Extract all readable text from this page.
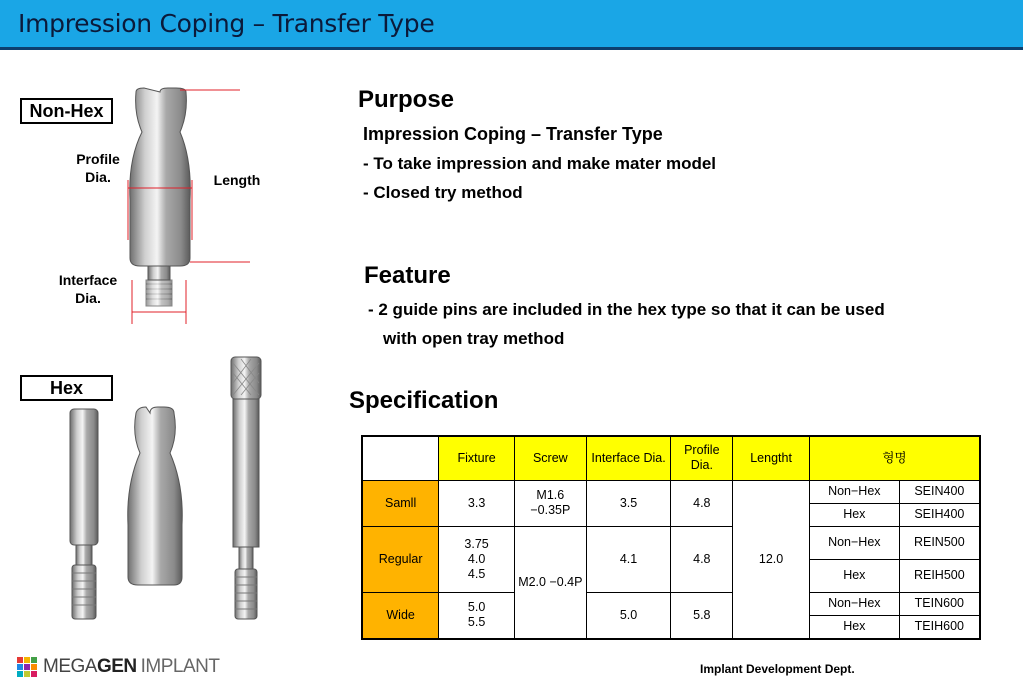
Impression Coping – Transfer Type
Non-Hex
Profile
Dia.	Length
Interface
Dia.
Hex
Purpose
Impression Coping – Transfer Type
- To take impression and make mater model
- Closed try method
Feature
- 2 guide pins are included in the hex type so that it can be used
with open tray method
Specification
	Fixture	Screw	Interface Dia.	Profile Dia.	Lengtht	형명	
Samll	3.3	M1.6 −0.35P	3.5	4.8	12.0	Non−Hex	SEIN400
						Hex	SEIH400
Regular	3.75
4.0
4.5	M2.0 −0.4P	4.1	4.8		Non−Hex	REIN500
						Hex	REIH500
Wide	5.0
5.5		5.0	5.8		Non−Hex	TEIN600
						Hex	TEIH600
MEGAGEN IMPLANT	Implant Development Dept.
